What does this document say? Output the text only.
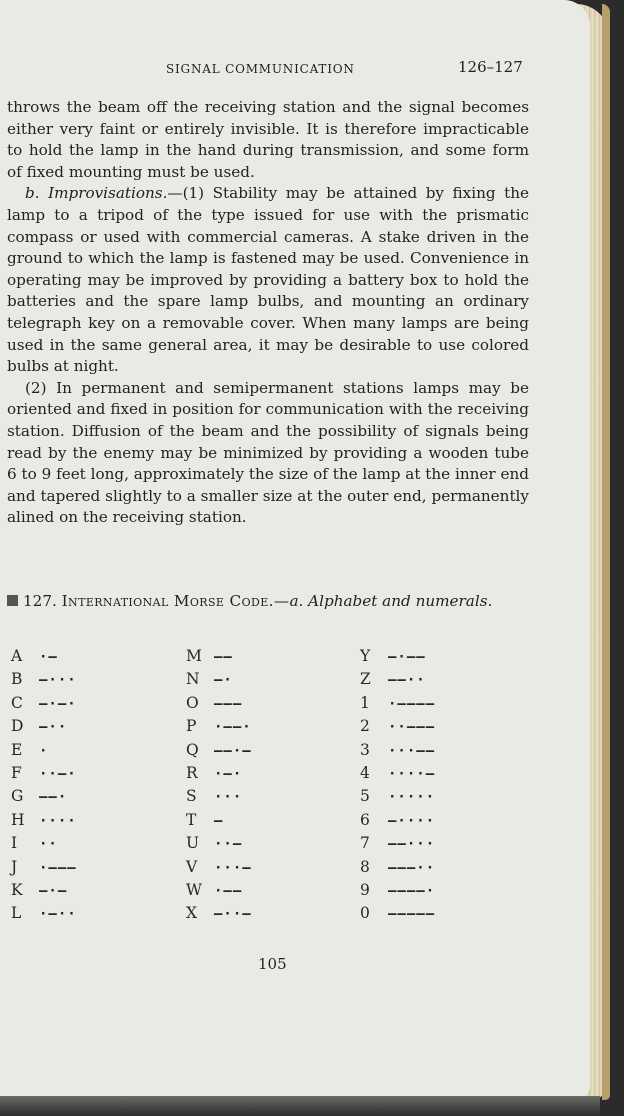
SIGNAL COMMUNICATION	126–127

throws the beam off the receiving station and the signal becomes either very faint or entirely invisible. It is therefore impracticable to hold the lamp in the hand during transmission, and some form of fixed mounting must be used.

b. Improvisations.—(1) Stability may be attained by fixing the lamp to a tripod of the type issued for use with the prismatic compass or used with commercial cameras. A stake driven in the ground to which the lamp is fastened may be used. Convenience in operating may be improved by providing a battery box to hold the batteries and the spare lamp bulbs, and mounting an ordinary telegraph key on a removable cover. When many lamps are being used in the same general area, it may be desirable to use colored bulbs at night.

(2) In permanent and semipermanent stations lamps may be oriented and fixed in position for communication with the receiving station. Diffusion of the beam and the possibility of signals being read by the enemy may be minimized by providing a wooden tube 6 to 9 feet long, approximately the size of the lamp at the inner end and tapered slightly to a smaller size at the outer end, permanently alined on the receiving station.

127. International Morse Code.—a. Alphabet and numerals.
A ·—
B —···
C —·—·
D —··
E ·
F ··—·
G ——·
H ····
I ··
J ·———
K —·—
L ·—··
M ——
N —·
O ———
P ·——·
Q ——·—
R ·—·
S ···
T —
U ··—
V ···—
W ·——
X —··—
Y —·——
Z ——··
1 ·————
2 ··———
3 ···——
4 ····—
5 ·····
6 —····
7 ——···
8 ———··
9 ————·
0 —————
105
